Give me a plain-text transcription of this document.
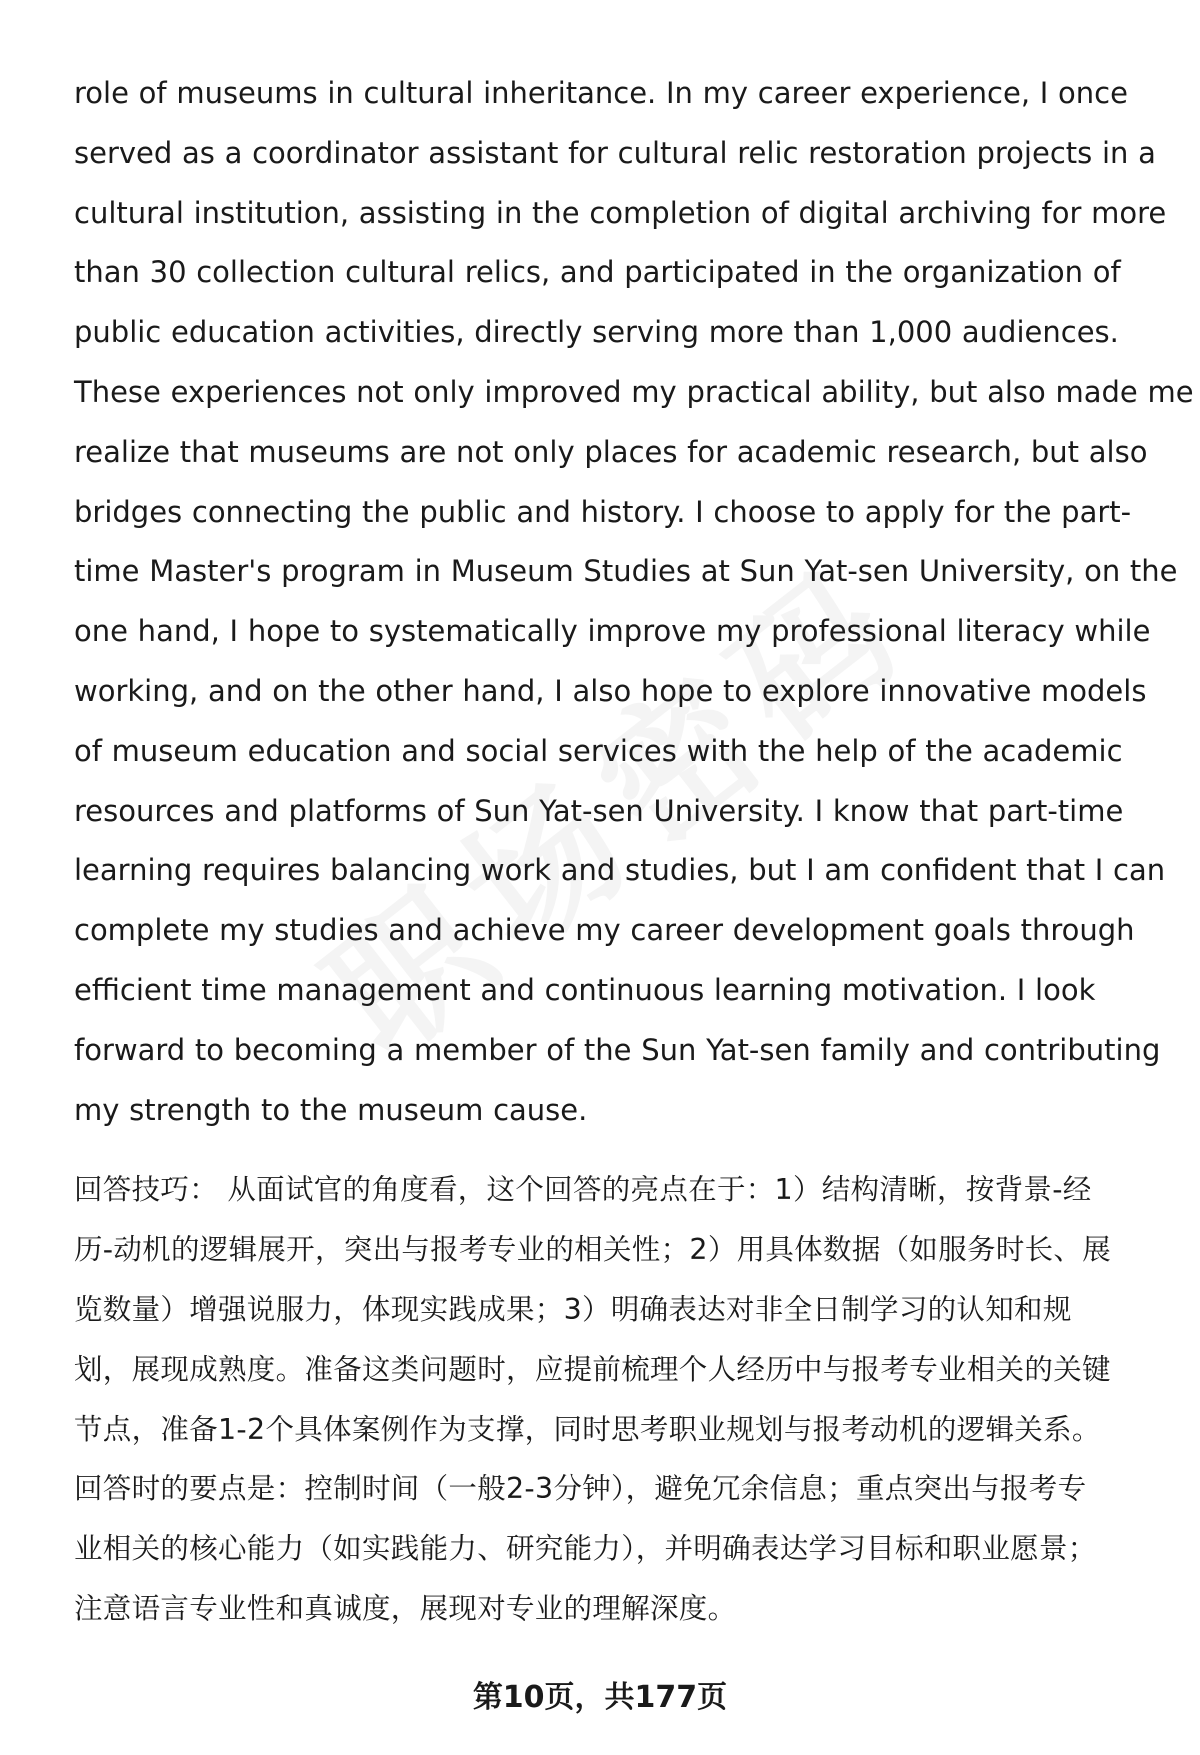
role of museums in cultural inheritance. In my career experience, I once
served as a coordinator assistant for cultural relic restoration projects in a
cultural institution, assisting in the completion of digital archiving for more
than 30 collection cultural relics, and participated in the organization of
public education activities, directly serving more than 1,000 audiences.
These experiences not only improved my practical ability, but also made me
realize that museums are not only places for academic research, but also
bridges connecting the public and history. I choose to apply for the part-
time Master's program in Museum Studies at Sun Yat-sen University, on the
one hand, I hope to systematically improve my professional literacy while
working, and on the other hand, I also hope to explore innovative models
of museum education and social services with the help of the academic
resources and platforms of Sun Yat-sen University. I know that part-time
learning requires balancing work and studies, but I am confident that I can
complete my studies and achieve my career development goals through
efficient time management and continuous learning motivation. I look
forward to becoming a member of the Sun Yat-sen family and contributing
my strength to the museum cause.

回答技巧： 从面试官的角度看，这个回答的亮点在于：1）结构清晰，按背景-经
历-动机的逻辑展开，突出与报考专业的相关性；2）用具体数据（如服务时长、展
览数量）增强说服力，体现实践成果；3）明确表达对非全日制学习的认知和规
划，展现成熟度。准备这类问题时，应提前梳理个人经历中与报考专业相关的关键
节点，准备1-2个具体案例作为支撑，同时思考职业规划与报考动机的逻辑关系。
回答时的要点是：控制时间（一般2-3分钟），避免冗余信息；重点突出与报考专
业相关的核心能力（如实践能力、研究能力），并明确表达学习目标和职业愿景；
注意语言专业性和真诚度，展现对专业的理解深度。
第10页，共177页
